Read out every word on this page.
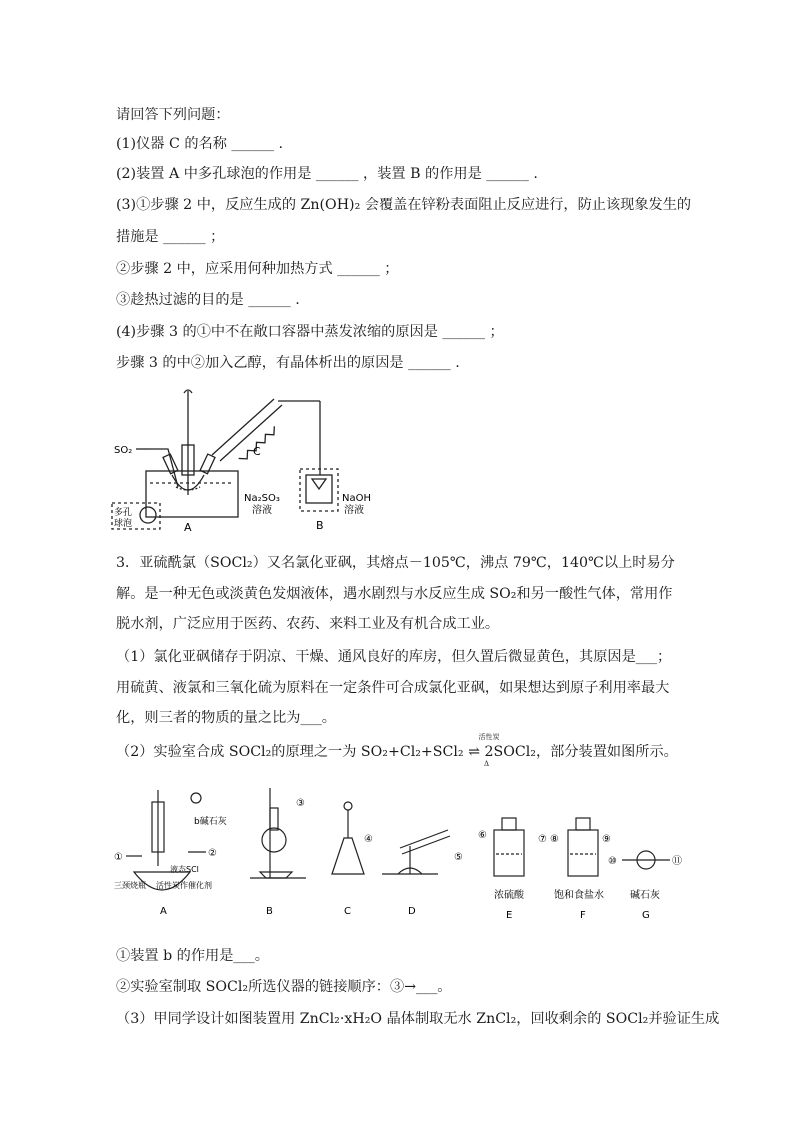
请回答下列问题：
(1)仪器 C 的名称 ______ .
(2)装置 A 中多孔球泡的作用是 ______ ，装置 B 的作用是 ______ .
(3)①步骤 2 中，反应生成的 Zn(OH)₂ 会覆盖在锌粉表面阻止反应进行，防止该现象发生的
措施是 ______ ；
②步骤 2 中，应采用何种加热方式 ______ ；
③趁热过滤的目的是 ______ .
(4)步骤 3 的①中不在敞口容器中蒸发浓缩的原因是 ______ ；
步骤 3 的中②加入乙醇，有晶体析出的原因是 ______ .
SO₂	C
Na₂SO₃
溶液
NaOH
溶液
A	B
多孔
球泡
3．亚硫酰氯（SOCl₂）又名氯化亚砜，其熔点－105℃，沸点 79℃，140℃以上时易分解。是一种无色或淡黄色发烟液体，遇水剧烈与水反应生成 SO₂和另一酸性气体，常用作脱水剂，广泛应用于医药、农药、来料工业及有机合成工业。
（1）氯化亚砜储存于阴凉、干燥、通风良好的库房，但久置后微显黄色，其原因是___；用硫黄、液氯和三氧化硫为原料在一定条件可合成氯化亚砜，如果想达到原子利用率最大化，则三者的物质的量之比为___。
（2）实验室合成 SOCl₂的原理之一为 SO₂+Cl₂+SCl₂ ⇌ 2SOCl₂，部分装置如图所示。
b碱石灰
①	②
③
④
⑤
⑥	⑦ ⑧	⑨
⑩	⑪
液态SCl
三颈烧瓶 活性炭作催化剂
浓硫酸	饱和食盐水	碱石灰
A	B	C	D	E	F	G
活性炭
Δ
①装置 b 的作用是___。
②实验室制取 SOCl₂所选仪器的链接顺序：③→___。
（3）甲同学设计如图装置用 ZnCl₂·xH₂O 晶体制取无水 ZnCl₂，回收剩余的 SOCl₂并验证生成
